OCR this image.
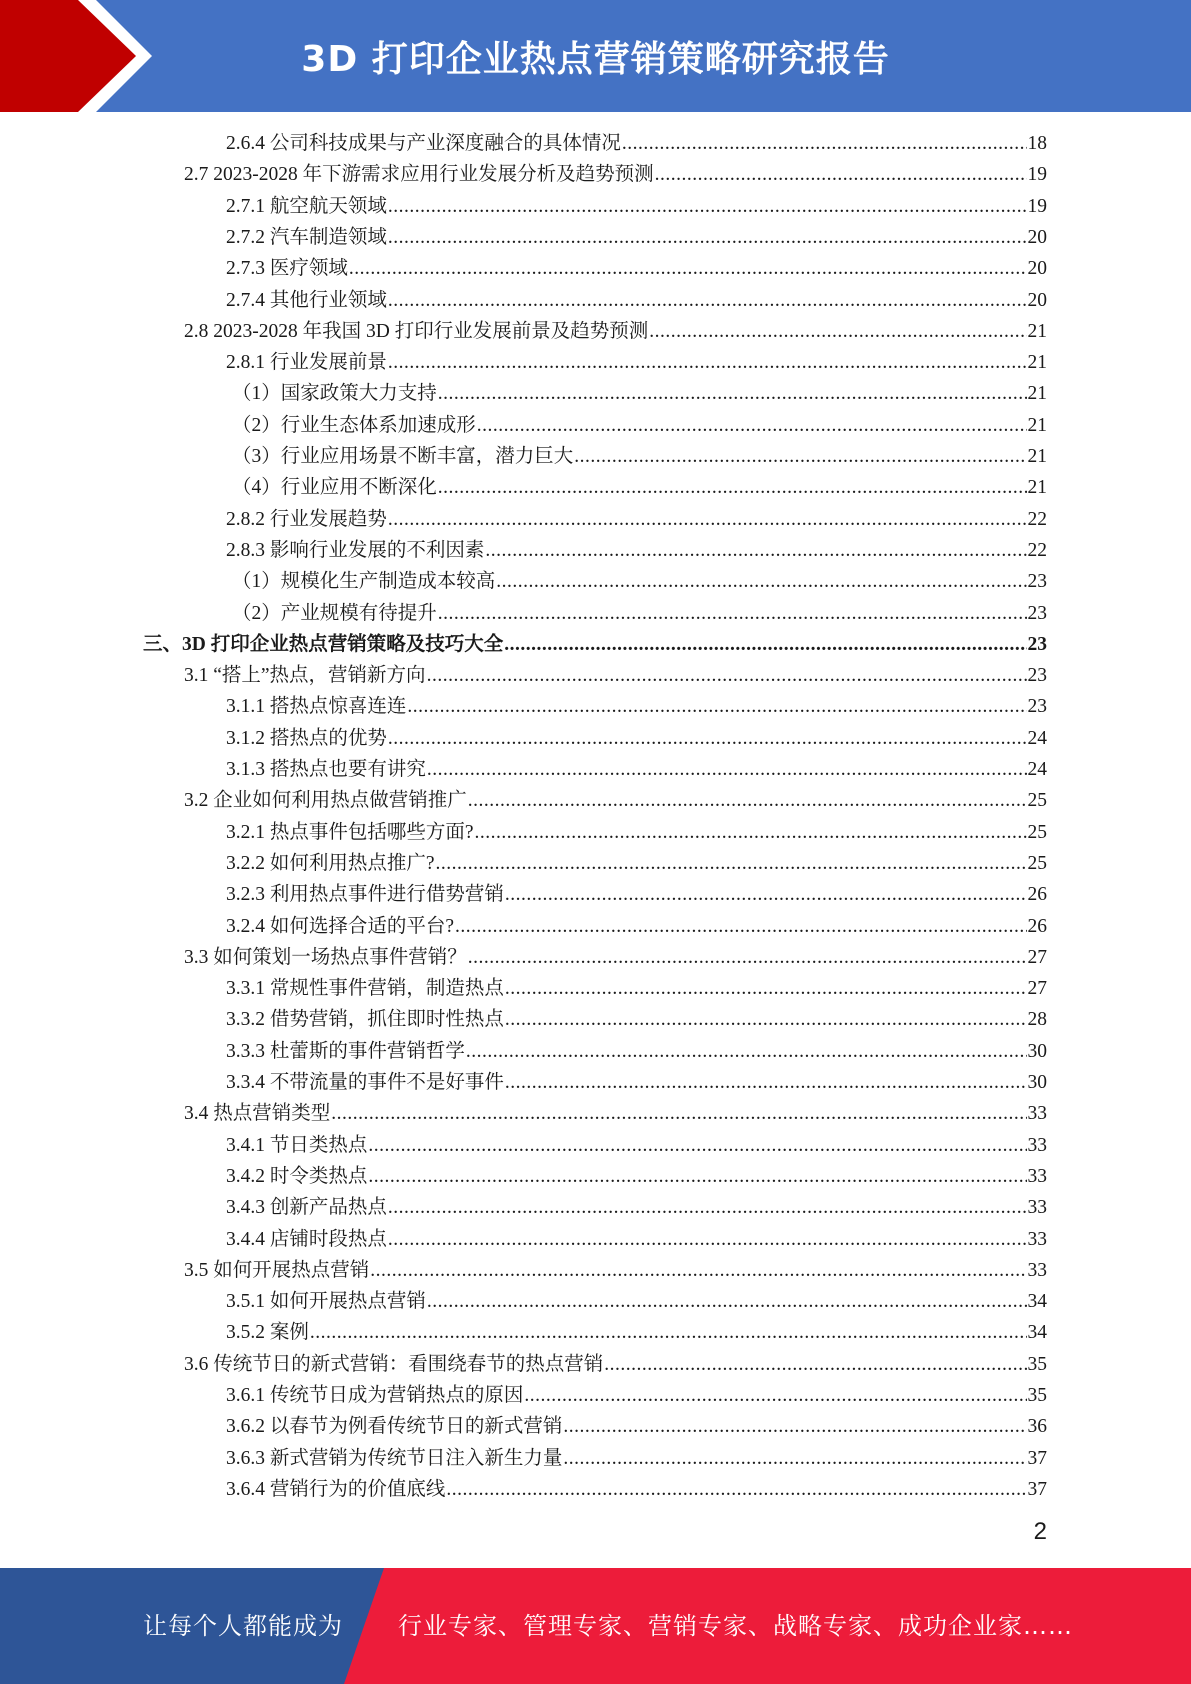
3D 打印企业热点营销策略研究报告
2.6.4 公司科技成果与产业深度融合的具体情况 .....	18
2.7 2023-2028 年下游需求应用行业发展分析及趋势预测 .....	19
2.7.1 航空航天领域 .....	19
2.7.2 汽车制造领域 .....	20
2.7.3 医疗领域 .....	20
2.7.4 其他行业领域 .....	20
2.8 2023-2028 年我国 3D 打印行业发展前景及趋势预测 .....	21
2.8.1 行业发展前景 .....	21
（1）国家政策大力支持 .....	21
（2）行业生态体系加速成形 .....	21
（3）行业应用场景不断丰富，潜力巨大 .....	21
（4）行业应用不断深化 .....	21
2.8.2 行业发展趋势 .....	22
2.8.3 影响行业发展的不利因素 .....	22
（1）规模化生产制造成本较高 .....	23
（2）产业规模有待提升 .....	23
三、3D 打印企业热点营销策略及技巧大全 .....	23
3.1 “搭上”热点，营销新方向 .....	23
3.1.1 搭热点惊喜连连 .....	23
3.1.2 搭热点的优势 .....	24
3.1.3 搭热点也要有讲究 .....	24
3.2 企业如何利用热点做营销推广 .....	25
3.2.1 热点事件包括哪些方面? .....	25
3.2.2 如何利用热点推广? .....	25
3.2.3 利用热点事件进行借势营销 .....	26
3.2.4 如何选择合适的平台? .....	26
3.3 如何策划一场热点事件营销？ .....	27
3.3.1 常规性事件营销，制造热点 .....	27
3.3.2 借势营销，抓住即时性热点 .....	28
3.3.3 杜蕾斯的事件营销哲学 .....	30
3.3.4 不带流量的事件不是好事件 .....	30
3.4 热点营销类型 .....	33
3.4.1 节日类热点 .....	33
3.4.2 时令类热点 .....	33
3.4.3 创新产品热点 .....	33
3.4.4 店铺时段热点 .....	33
3.5 如何开展热点营销 .....	33
3.5.1 如何开展热点营销 .....	34
3.5.2 案例 .....	34
3.6 传统节日的新式营销：看围绕春节的热点营销 .....	35
3.6.1 传统节日成为营销热点的原因 .....	35
3.6.2 以春节为例看传统节日的新式营销 .....	36
3.6.3 新式营销为传统节日注入新生力量 .....	37
3.6.4 营销行为的价值底线 .....	37
2
让每个人都能成为 行业专家、管理专家、营销专家、战略专家、成功企业家……
